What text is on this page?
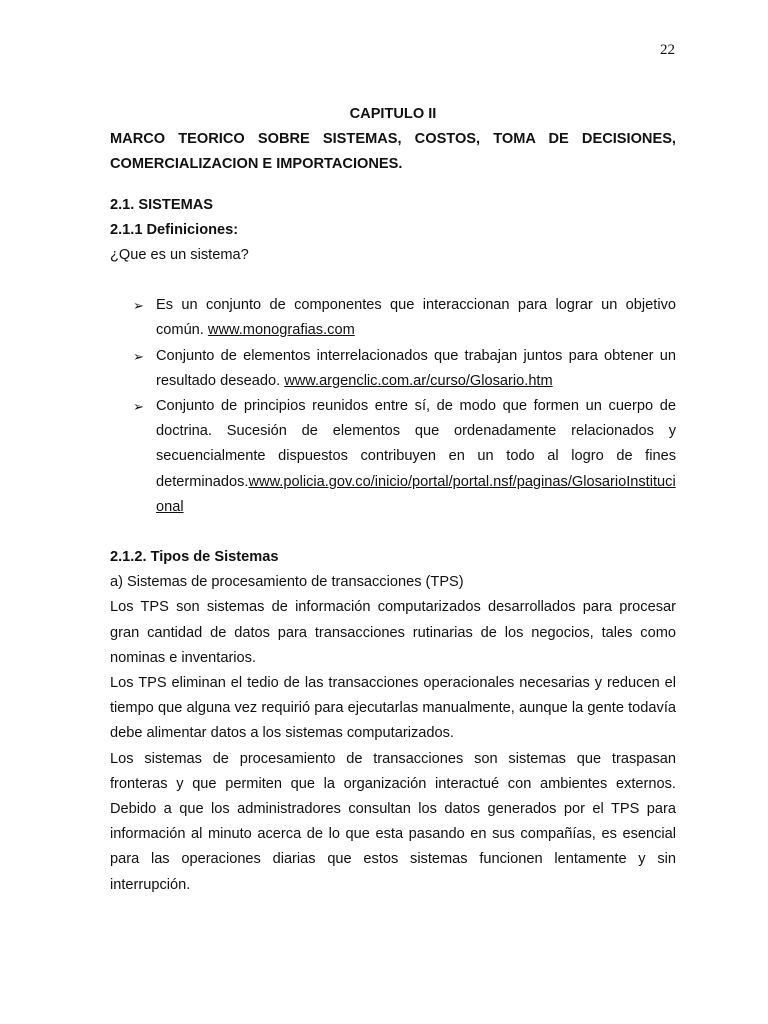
22
CAPITULO II
MARCO TEORICO SOBRE SISTEMAS, COSTOS, TOMA DE DECISIONES, COMERCIALIZACION E IMPORTACIONES.
2.1. SISTEMAS
2.1.1 Definiciones:
¿Que es un sistema?
➢ Es un conjunto de componentes que interaccionan para lograr un objetivo común. www.monografias.com
➢ Conjunto de elementos interrelacionados que trabajan juntos para obtener un resultado deseado. www.argenclic.com.ar/curso/Glosario.htm
➢ Conjunto de principios reunidos entre sí, de modo que formen un cuerpo de doctrina. Sucesión de elementos que ordenadamente relacionados y secuencialmente dispuestos contribuyen en un todo al logro de fines determinados.www.policia.gov.co/inicio/portal/portal.nsf/paginas/GlosarioInstitucional
2.1.2. Tipos de Sistemas
a) Sistemas de procesamiento de transacciones (TPS)
Los TPS son sistemas de información computarizados desarrollados para procesar gran cantidad de datos para transacciones rutinarias de los negocios, tales como nominas e inventarios.
Los TPS eliminan el tedio de las transacciones operacionales necesarias y reducen el tiempo que alguna vez requirió para ejecutarlas manualmente, aunque la gente todavía debe alimentar datos a los sistemas computarizados.
Los sistemas de procesamiento de transacciones son sistemas que traspasan fronteras y que permiten que la organización interactué con ambientes externos. Debido a que los administradores consultan los datos generados por el TPS para información al minuto acerca de lo que esta pasando en sus compañías, es esencial para las operaciones diarias que estos sistemas funcionen lentamente y sin interrupción.
